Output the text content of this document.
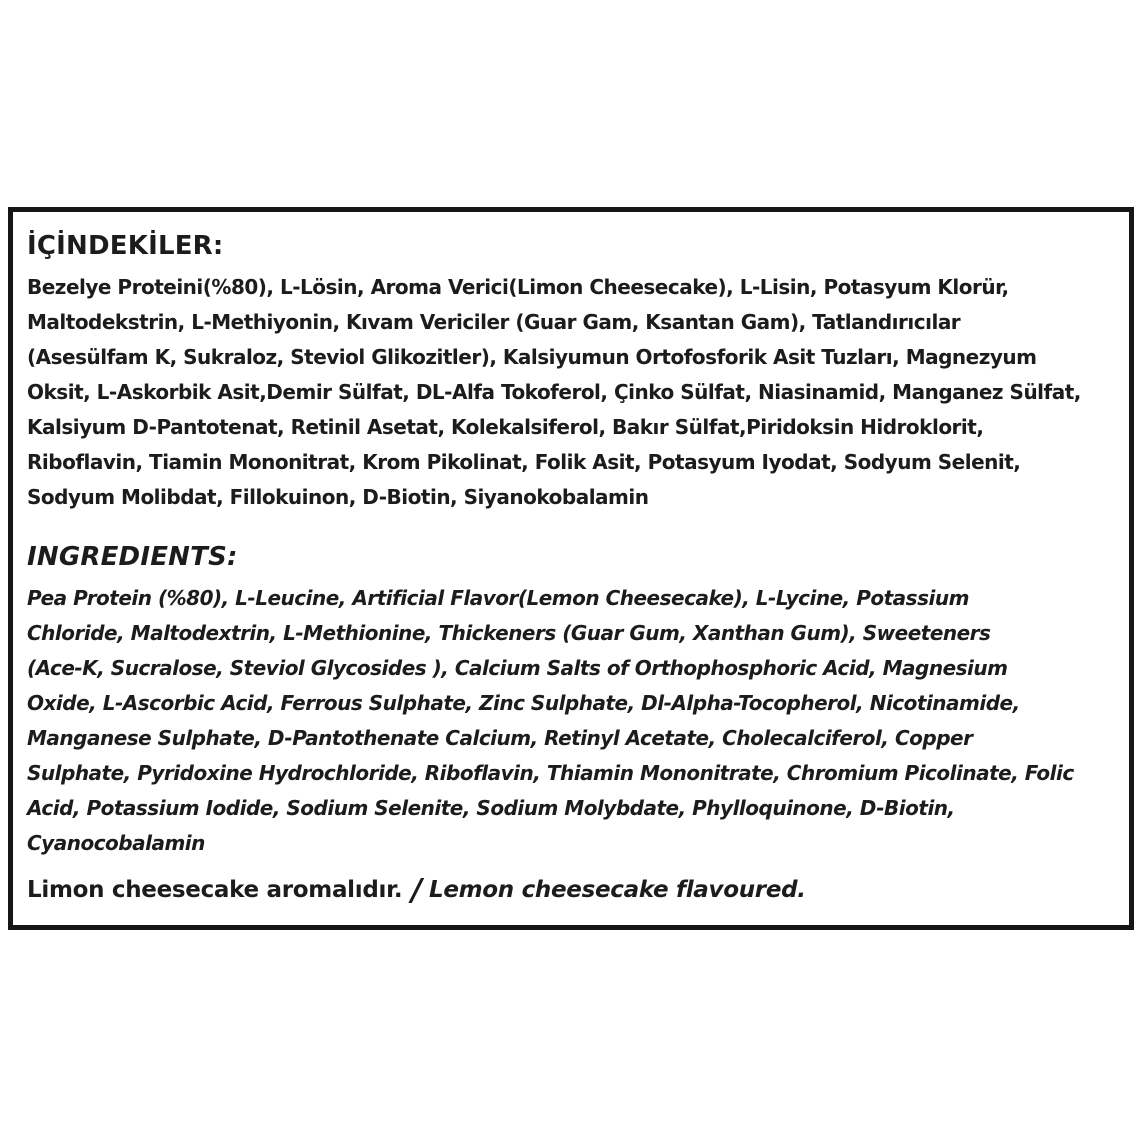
İÇİNDEKİLER:
Bezelye Proteini(%80), L-Lösin, Aroma Verici(Limon Cheesecake), L-Lisin, Potasyum Klorür,
Maltodekstrin, L-Methiyonin, Kıvam Vericiler (Guar Gam, Ksantan Gam), Tatlandırıcılar
(Asesülfam K, Sukraloz, Steviol Glikozitler), Kalsiyumun Ortofosforik Asit Tuzları, Magnezyum
Oksit, L-Askorbik Asit,Demir Sülfat, DL-Alfa Tokoferol, Çinko Sülfat, Niasinamid, Manganez Sülfat,
Kalsiyum D-Pantotenat, Retinil Asetat, Kolekalsiferol, Bakır Sülfat,Piridoksin Hidroklorit,
Riboflavin, Tiamin Mononitrat, Krom Pikolinat, Folik Asit, Potasyum Iyodat, Sodyum Selenit,
Sodyum Molibdat, Fillokuinon, D-Biotin, Siyanokobalamin
INGREDIENTS:
Pea Protein (%80), L-Leucine, Artificial Flavor(Lemon Cheesecake), L-Lycine, Potassium
Chloride, Maltodextrin, L-Methionine, Thickeners (Guar Gum, Xanthan Gum), Sweeteners
(Ace-K, Sucralose, Steviol Glycosides ), Calcium Salts of Orthophosphoric Acid, Magnesium
Oxide, L-Ascorbic Acid, Ferrous Sulphate, Zinc Sulphate, Dl-Alpha-Tocopherol, Nicotinamide,
Manganese Sulphate, D-Pantothenate Calcium, Retinyl Acetate, Cholecalciferol, Copper
Sulphate, Pyridoxine Hydrochloride, Riboflavin, Thiamin Mononitrate, Chromium Picolinate, Folic
Acid, Potassium Iodide, Sodium Selenite, Sodium Molybdate, Phylloquinone, D-Biotin,
Cyanocobalamin
Limon cheesecake aromalıdır. / Lemon cheesecake flavoured.
